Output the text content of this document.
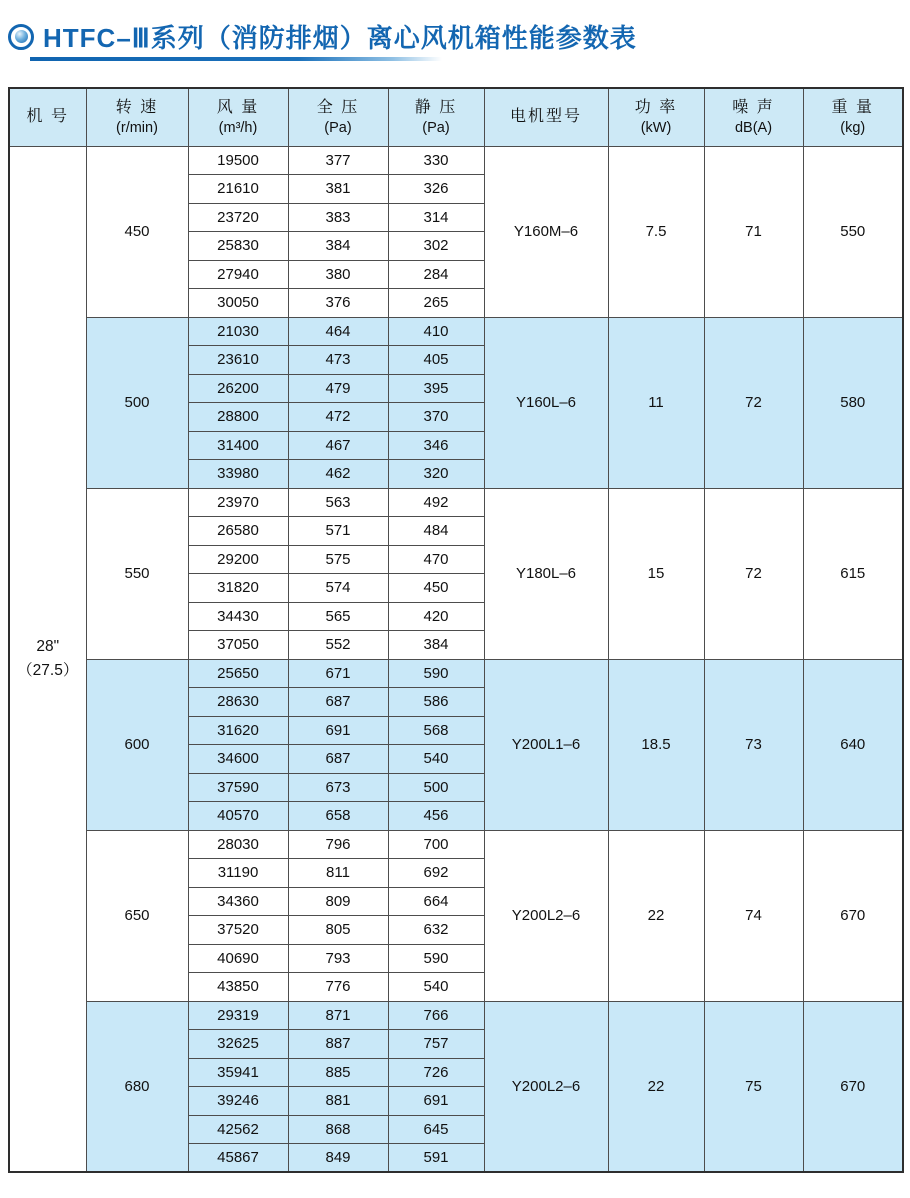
HTFC–Ⅲ系列（消防排烟）离心风机箱性能参数表
机 号

转 速
(r/min)

风 量
(m³/h)

全 压
(Pa)

静 压
(Pa)

电机型号

功 率
(kW)

噪 声
dB(A)

重 量
(kg)

28"
（27.5）	450	19500	377	330	Y160M–6	7.5	71	550
		21610	381	326				
		23720	383	314				
		25830	384	302				
		27940	380	284				
		30050	376	265				
	500	21030	464	410	Y160L–6	11	72	580
		23610	473	405				
		26200	479	395				
		28800	472	370				
		31400	467	346				
		33980	462	320				
	550	23970	563	492	Y180L–6	15	72	615
		26580	571	484				
		29200	575	470				
		31820	574	450				
		34430	565	420				
		37050	552	384				
	600	25650	671	590	Y200L1–6	18.5	73	640
		28630	687	586				
		31620	691	568				
		34600	687	540				
		37590	673	500				
		40570	658	456				
	650	28030	796	700	Y200L2–6	22	74	670
		31190	811	692				
		34360	809	664				
		37520	805	632				
		40690	793	590				
		43850	776	540				
	680	29319	871	766	Y200L2–6	22	75	670
		32625	887	757				
		35941	885	726				
		39246	881	691				
		42562	868	645				
		45867	849	591				
